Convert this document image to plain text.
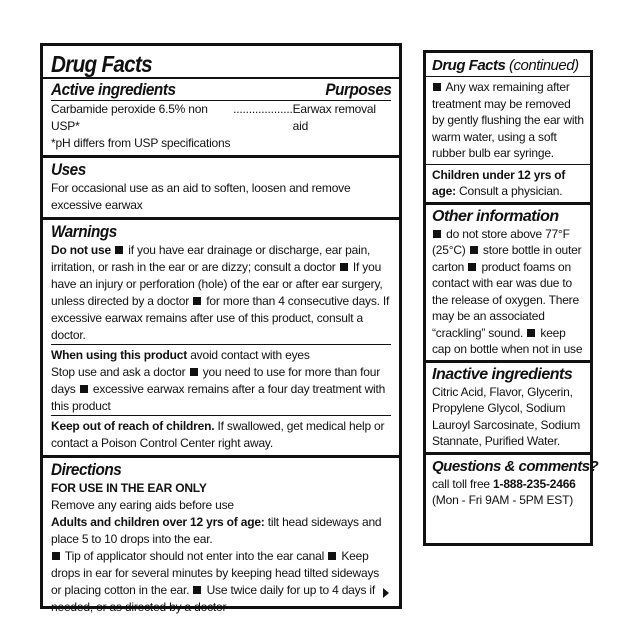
Drug Facts
Active ingredients	Purposes
Carbamide peroxide 6.5% non USP*
................... Earwax removal aid
*pH differs from USP specifications
Uses
For occasional use as an aid to soften, loosen and remove excessive earwax
Warnings
Do not use if you have ear drainage or discharge, ear pain, irritation, or rash in the ear or are dizzy; consult a doctor If you have an injury or perforation (hole) of the ear or after ear surgery, unless directed by a doctor for more than 4 consecutive days. If excessive earwax remains after use of this product, consult a doctor.
When using this product avoid contact with eyes
Stop use and ask a doctor you need to use for more than four days excessive earwax remains after a four day treatment with this product
Keep out of reach of children. If swallowed, get medical help or contact a Poison Control Center right away.
Directions
FOR USE IN THE EAR ONLY
Remove any earing aids before use
Adults and children over 12 yrs of age: tilt head sideways and place 5 to 10 drops into the ear.
Tip of applicator should not enter into the ear canal Keep drops in ear for several minutes by keeping head tilted sideways or placing cotton in the ear. Use twice daily for up to 4 days if needed, or as directed by a doctor
Drug Facts (continued)
Any wax remaining after treatment may be removed by gently flushing the ear with warm water, using a soft rubber bulb ear syringe.
Children under 12 yrs of age: Consult a physician.
Other information
do not store above 77°F (25°C) store bottle in outer carton product foams on contact with ear was due to the release of oxygen. There may be an associated “crackling” sound. keep cap on bottle when not in use
Inactive ingredients
Citric Acid, Flavor, Glycerin, Propylene Glycol, Sodium Lauroyl Sarcosinate, Sodium Stannate, Purified Water.
Questions & comments?
call toll free 1-888-235-2466
(Mon - Fri 9AM - 5PM EST)
